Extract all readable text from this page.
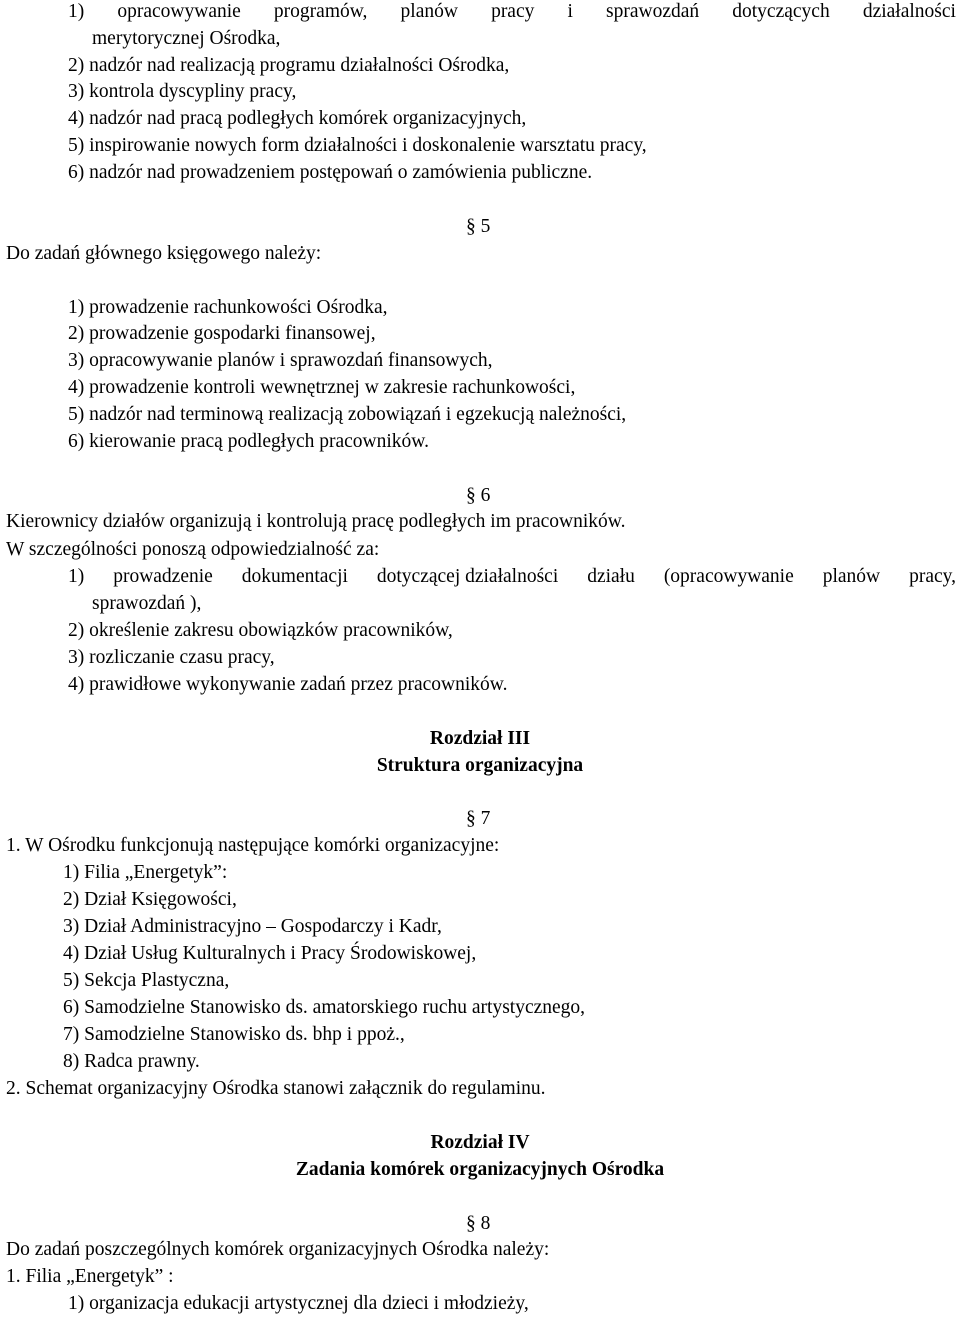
1) opracowywanie programów, planów pracy i sprawozdań dotyczących działalności
merytorycznej Ośrodka,
2) nadzór nad realizacją programu działalności Ośrodka,
3) kontrola dyscypliny pracy,
4) nadzór nad pracą podległych komórek organizacyjnych,
5) inspirowanie nowych form działalności i doskonalenie warsztatu pracy,
6) nadzór nad prowadzeniem postępowań o zamówienia publiczne.
§ 5
Do zadań głównego księgowego należy:
1) prowadzenie rachunkowości Ośrodka,
2) prowadzenie gospodarki finansowej,
3) opracowywanie planów i sprawozdań finansowych,
4) prowadzenie kontroli wewnętrznej w zakresie rachunkowości,
5) nadzór nad terminową realizacją zobowiązań i egzekucją należności,
6) kierowanie pracą podległych pracowników.
§ 6
Kierownicy działów organizują i kontrolują pracę podległych im pracowników.
W szczególności ponoszą odpowiedzialność za:
1) prowadzenie dokumentacji dotyczącej działalności działu (opracowywanie planów pracy,
sprawozdań ),
2) określenie zakresu obowiązków pracowników,
3) rozliczanie czasu pracy,
4) prawidłowe wykonywanie zadań przez pracowników.
Rozdział III
Struktura organizacyjna
§ 7
1. W Ośrodku funkcjonują następujące komórki organizacyjne:
1) Filia „Energetyk”:
2) Dział Księgowości,
3) Dział Administracyjno – Gospodarczy i Kadr,
4) Dział Usług Kulturalnych i Pracy Środowiskowej,
5) Sekcja Plastyczna,
6) Samodzielne Stanowisko ds. amatorskiego ruchu artystycznego,
7) Samodzielne Stanowisko ds. bhp i ppoż.,
8) Radca prawny.
2. Schemat organizacyjny Ośrodka stanowi załącznik do regulaminu.
Rozdział IV
Zadania komórek organizacyjnych Ośrodka
§ 8
Do zadań poszczególnych komórek organizacyjnych Ośrodka należy:
1. Filia „Energetyk” :
1) organizacja edukacji artystycznej dla dzieci i młodzieży,
